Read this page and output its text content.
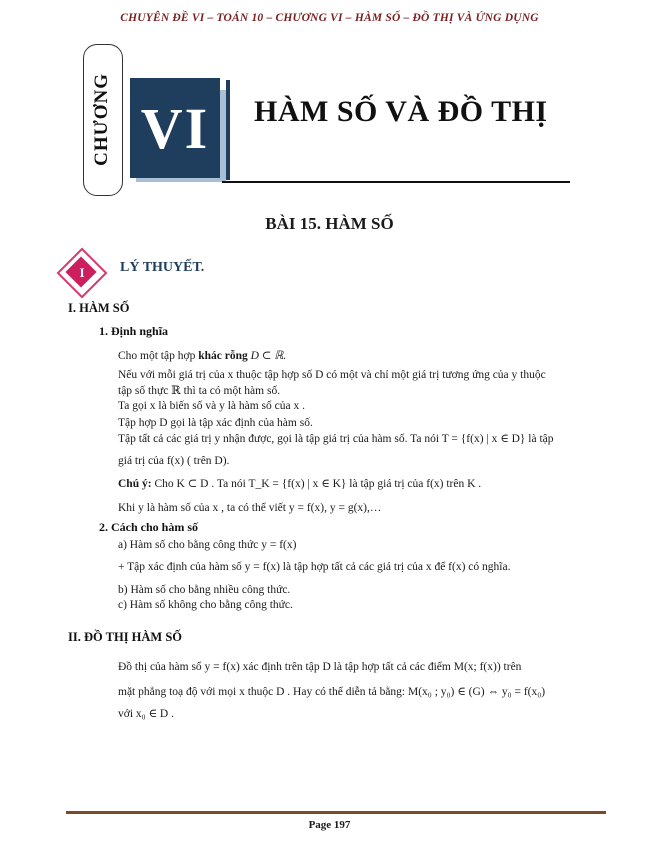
CHUYÊN ĐỀ VI – TOÁN 10 – CHƯƠNG VI – HÀM SỐ – ĐỒ THỊ VÀ ỨNG DỤNG
CHƯƠNG VI HÀM SỐ VÀ ĐỒ THỊ
BÀI 15. HÀM SỐ
I	LÝ THUYẾT.
I. HÀM SỐ
1. Định nghĩa
Cho một tập hợp khác rỗng D ⊂ ℝ.
Nếu với mỗi giá trị của x thuộc tập hợp số D có một và chỉ một giá trị tương ứng của y thuộc
tập số thực ℝ thì ta có một hàm số.
Ta gọi x là biến số và y là hàm số của x .
Tập hợp D gọi là tập xác định của hàm số.
Tập tất cả các giá trị y nhận được, gọi là tập giá trị của hàm số. Ta nói T = {f(x) | x ∈ D} là tập
giá trị của f(x) ( trên D).
Chú ý: Cho K ⊂ D . Ta nói T_K = {f(x) | x ∈ K} là tập giá trị của f(x) trên K .
Khi y là hàm số của x , ta có thể viết y = f(x), y = g(x),…
2. Cách cho hàm số
a) Hàm số cho bằng công thức y = f(x)
+ Tập xác định của hàm số y = f(x) là tập hợp tất cả các giá trị của x để f(x) có nghĩa.
b) Hàm số cho bằng nhiều công thức.
c) Hàm số không cho bằng công thức.
II. ĐỒ THỊ HÀM SỐ
Đồ thị của hàm số y = f(x) xác định trên tập D là tập hợp tất cả các điểm M(x; f(x)) trên
mặt phẳng toạ độ với mọi x thuộc D . Hay có thể diễn tả bằng: M(x₀ ; y₀) ∈ (G) ⇔ y₀ = f(x₀)
với x₀ ∈ D .
Page 197
